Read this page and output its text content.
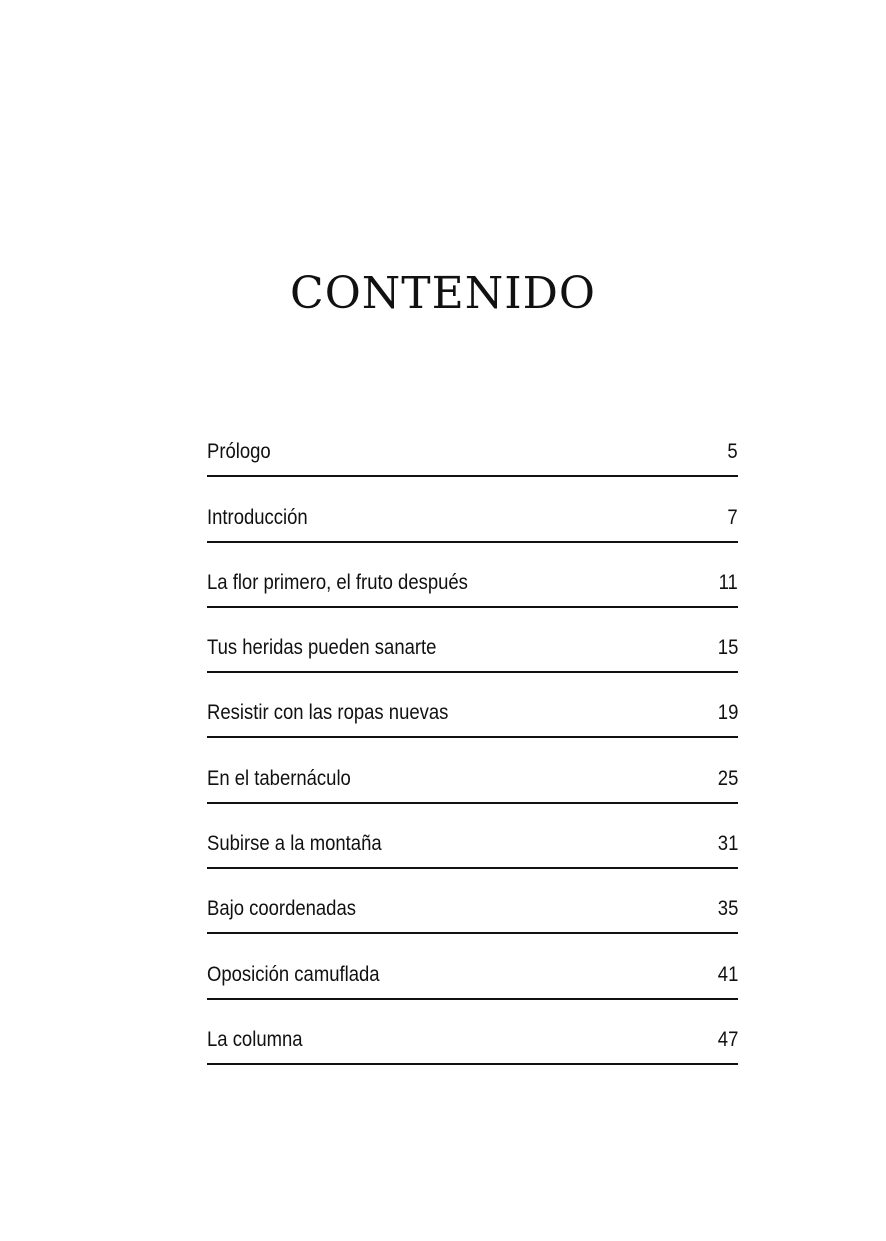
CONTENIDO
Prólogo	5
Introducción	7
La flor primero, el fruto después	11
Tus heridas pueden sanarte	15
Resistir con las ropas nuevas	19
En el tabernáculo	25
Subirse a la montaña	31
Bajo coordenadas	35
Oposición camuflada	41
La columna	47
